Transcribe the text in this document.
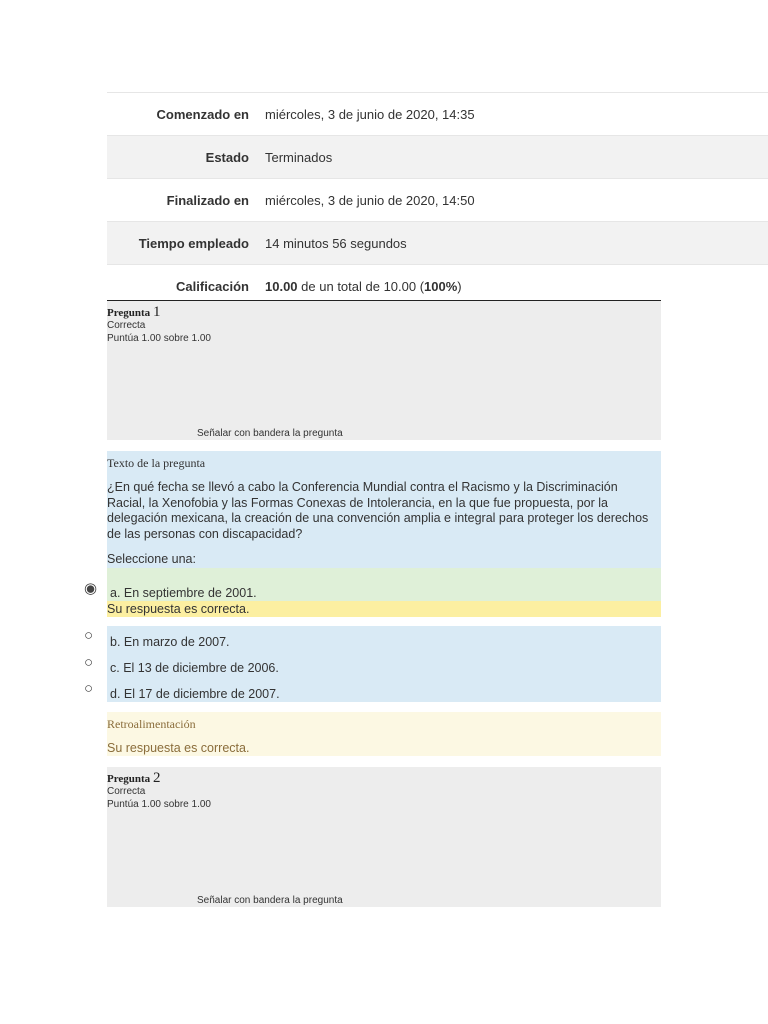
Comenzado en	miércoles, 3 de junio de 2020, 14:35
Estado	Terminados
Finalizado en	miércoles, 3 de junio de 2020, 14:50
Tiempo empleado	14 minutos 56 segundos
Calificación	10.00 de un total de 10.00 (100%)
Pregunta 1
Correcta
Puntúa 1.00 sobre 1.00
Señalar con bandera la pregunta
Texto de la pregunta
¿En qué fecha se llevó a cabo la Conferencia Mundial contra el Racismo y la Discriminación Racial, la Xenofobia y las Formas Conexas de Intolerancia, en la que fue propuesta, por la delegación mexicana, la creación de una convención amplia e integral para proteger los derechos de las personas con discapacidad?
Seleccione una:
Su respuesta es correcta.
◉ a. En septiembre de 2001.
○ b. En marzo de 2007.
○ c. El 13 de diciembre de 2006.
○ d. El 17 de diciembre de 2007.
Retroalimentación
Su respuesta es correcta.
Pregunta 2
Correcta
Puntúa 1.00 sobre 1.00
Señalar con bandera la pregunta
